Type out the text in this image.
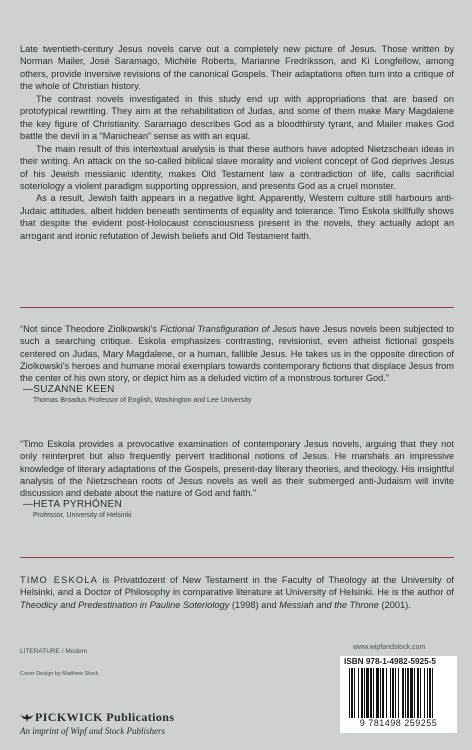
Late twentieth-century Jesus novels carve out a completely new picture of Jesus. Those written by Norman Mailer, José Saramago, Michèle Roberts, Marianne Fredriksson, and Ki Longfellow, among others, provide inversive revisions of the canonical Gospels. Their adaptations often turn into a critique of the whole of Christian history.

The contrast novels investigated in this study end up with appropriations that are based on prototypical rewriting. They aim at the rehabilitation of Judas, and some of them make Mary Magdalene the key figure of Christianity. Saramago describes God as a bloodthirsty tyrant, and Mailer makes God battle the devil in a “Manichean” sense as with an equal.

The main result of this intertextual analysis is that these authors have adopted Nietzschean ideas in their writing. An attack on the so-called biblical slave morality and violent concept of God deprives Jesus of his Jewish messianic identity, makes Old Testament law a contradiction of life, calls sacrificial soteriology a violent paradigm supporting oppression, and presents God as a cruel monster.

As a result, Jewish faith appears in a negative light. Apparently, Western culture still harbours anti-Judaic attitudes, albeit hidden beneath sentiments of equality and tolerance. Timo Eskola skillfully shows that despite the evident post-Holocaust consciousness present in the novels, they actually adopt an arrogant and ironic refutation of Jewish beliefs and Old Testament faith.

“Not since Theodore Ziolkowski’s Fictional Transfiguration of Jesus have Jesus novels been subjected to such a searching critique. Eskola emphasizes contrasting, revisionist, even atheist fictional gospels centered on Judas, Mary Magdalene, or a human, fallible Jesus. He takes us in the opposite direction of Ziolkowski’s heroes and humane moral exemplars towards contemporary fictions that displace Jesus from the center of his own story, or depict him as a deluded victim of a monstrous torturer God.”

—SUZANNE KEEN
Thomas Broadus Professor of English, Washington and Lee University

“Timo Eskola provides a provocative examination of contemporary Jesus novels, arguing that they not only reinterpret but also frequently pervert traditional notions of Jesus. He marshals an impressive knowledge of literary adaptations of the Gospels, present-day literary theories, and theology. His insightful analysis of the Nietzschean roots of Jesus novels as well as their submerged anti-Judaism will invite discussion and debate about the nature of God and faith.”

—HETA PYRHÖNEN
Professor, University of Helsinki
TIMO ESKOLA is Privatdozent of New Testament in the Faculty of Theology at the University of Helsinki, and a Doctor of Philosophy in comparative literature at University of Helsinki. He is the author of Theodicy and Predestination in Pauline Soteriology (1998) and Messiah and the Throne (2001).
LITERATURE / Modern
Cover Design by Matthew Stock
www.wipfandstock.com
ISBN 978-1-4982-5925-5
9 781498 259255
PICKWICK Publications
An imprint of Wipf and Stock Publishers
